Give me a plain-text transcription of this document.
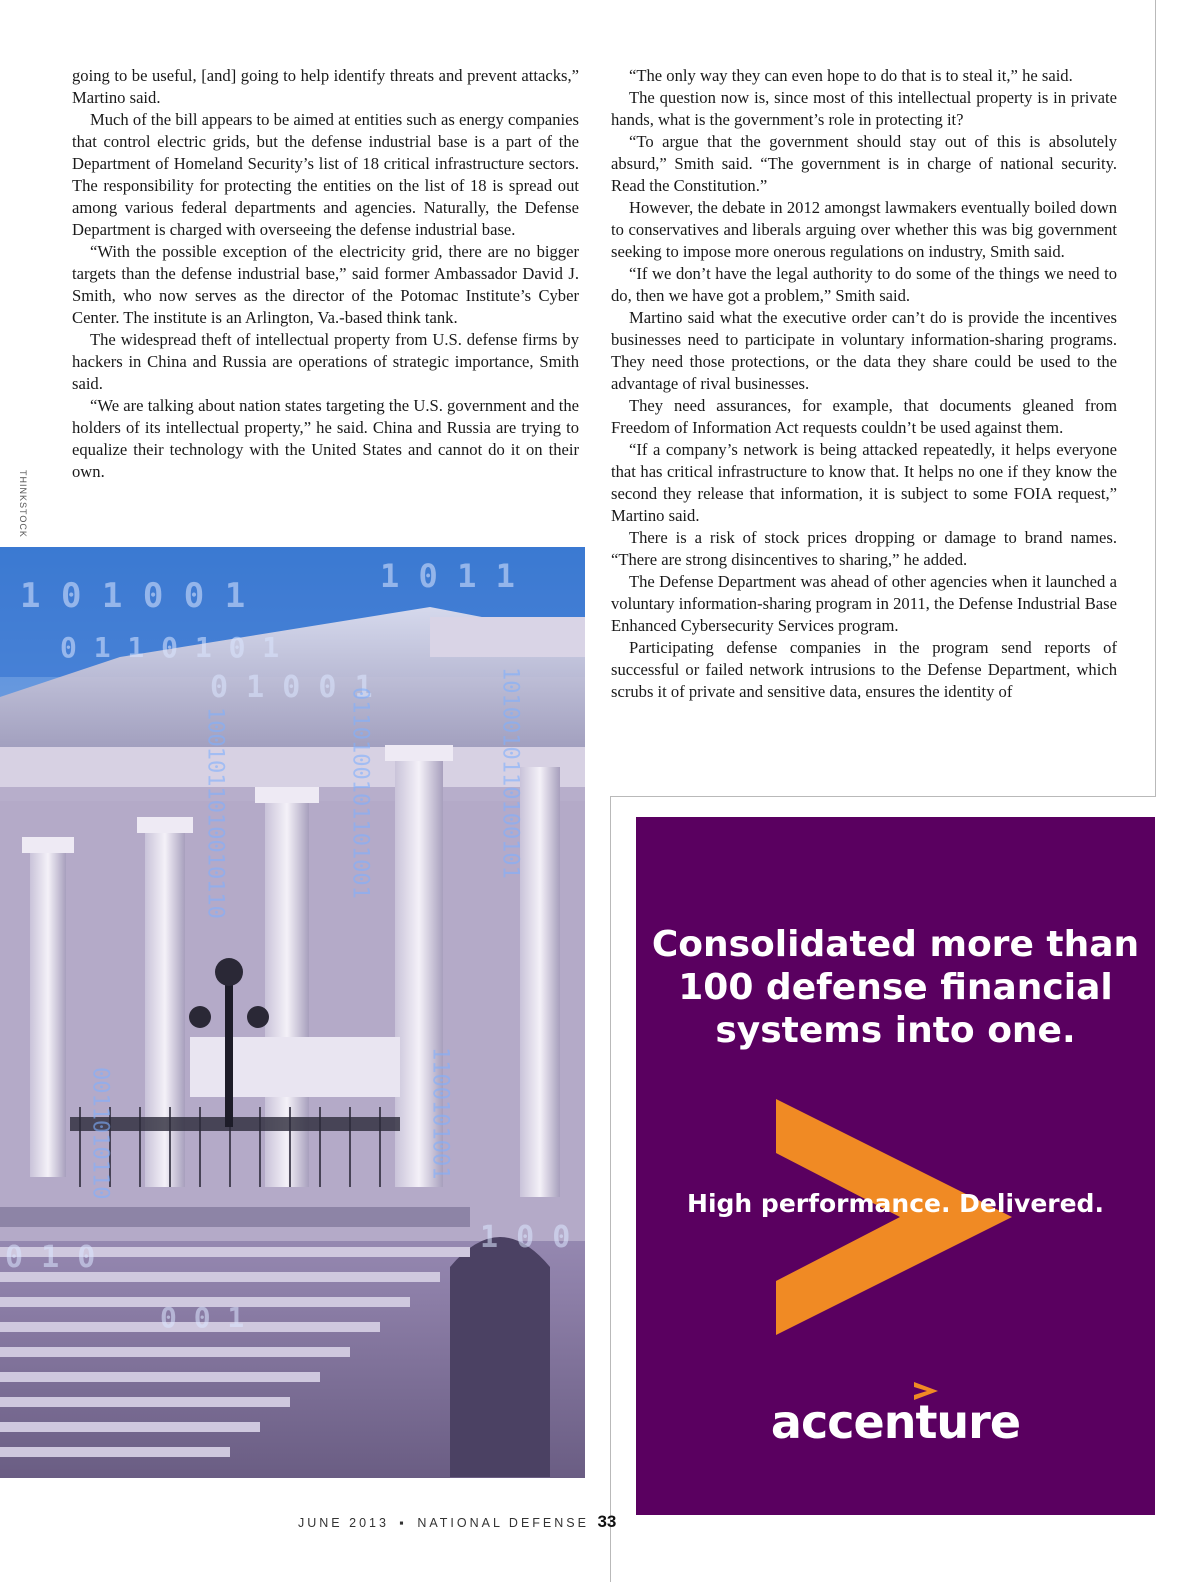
going to be useful, [and] going to help identify threats and prevent attacks,” Martino said.

Much of the bill appears to be aimed at entities such as energy companies that control electric grids, but the defense industrial base is a part of the Department of Homeland Security’s list of 18 critical infrastructure sectors. The responsibility for protecting the entities on the list of 18 is spread out among various federal departments and agencies. Naturally, the Defense Department is charged with overseeing the defense industrial base.

“With the possible exception of the electricity grid, there are no bigger targets than the defense industrial base,” said former Ambassador David J. Smith, who now serves as the director of the Potomac Institute’s Cyber Center. The institute is an Arlington, Va.-based think tank.

The widespread theft of intellectual property from U.S. defense firms by hackers in China and Russia are operations of strategic importance, Smith said.

“We are talking about nation states targeting the U.S. government and the holders of its intellectual property,” he said. China and Russia are trying to equalize their technology with the United States and cannot do it on their own.

“The only way they can even hope to do that is to steal it,” he said.

The question now is, since most of this intellectual property is in private hands, what is the government’s role in protecting it?

“To argue that the government should stay out of this is absolutely absurd,” Smith said. “The government is in charge of national security. Read the Constitution.”

However, the debate in 2012 amongst lawmakers eventually boiled down to conservatives and liberals arguing over whether this was big government seeking to impose more onerous regulations on industry, Smith said.

“If we don’t have the legal authority to do some of the things we need to do, then we have got a problem,” Smith said.

Martino said what the executive order can’t do is provide the incentives businesses need to participate in voluntary information-sharing programs. They need those protections, or the data they share could be used to the advantage of rival businesses.

They need assurances, for example, that documents gleaned from Freedom of Information Act requests couldn’t be used against them.

“If a company’s network is being attacked repeatedly, it helps everyone that has critical infrastructure to know that. It helps no one if they know the second they release that information, it is subject to some FOIA request,” Martino said.

There is a risk of stock prices dropping or damage to brand names. “There are strong disincentives to sharing,” he added.

The Defense Department was ahead of other agencies when it launched a voluntary information-sharing program in 2011, the Defense Industrial Base Enhanced Cybersecurity Services program.

Participating defense companies in the program send reports of successful or failed network intrusions to the Defense Department, which scrubs it of private and sensitive data, ensures the identity of

THINKSTOCK
1 0 1 0 0 1
0 1 1 0 1 0 1
0 1 0 0 1
1 0 1 1
0 1 0
0 0 1
1 0 0
1001011010010110	0110100101101001	1010010110100101
0011010110	1100101001
JUNE 2013 ▪ NATIONAL DEFENSE 33
Consolidated more than
100 defense financial
systems into one.
High performance. Delivered.
accenture
